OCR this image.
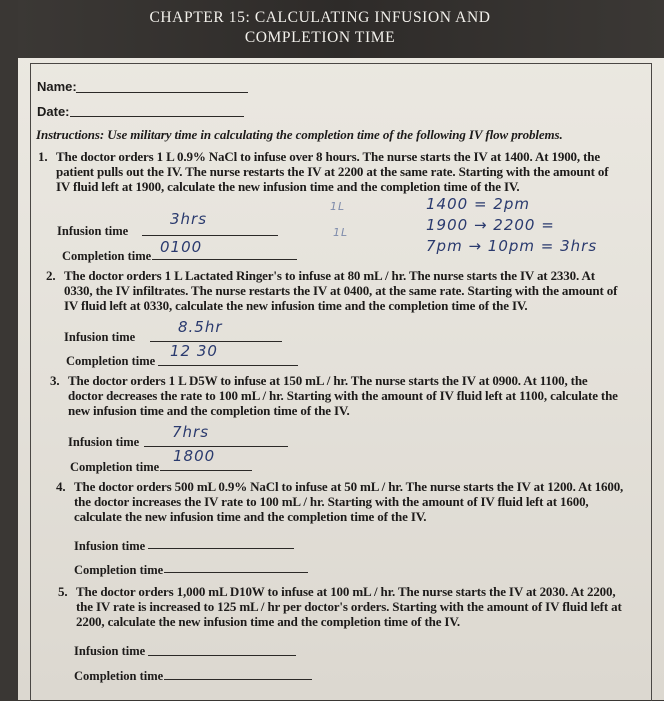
CHAPTER 15: CALCULATING INFUSION AND
COMPLETION TIME
Name:
Date:
Instructions: Use military time in calculating the completion time of the following IV flow problems.
1. The doctor orders 1 L 0.9% NaCl to infuse over 8 hours. The nurse starts the IV at 1400. At 1900, the
patient pulls out the IV. The nurse restarts the IV at 2200 at the same rate. Starting with the amount of
IV fluid left at 1900, calculate the new infusion time and the completion time of the IV.
Infusion time
3hrs
Completion time 0100
1L
1L
1400 = 2pm
1900 → 2200 =
7pm → 10pm = 3hrs
2. The doctor orders 1 L Lactated Ringer's to infuse at 80 mL / hr. The nurse starts the IV at 2330. At
0330, the IV infiltrates. The nurse restarts the IV at 0400, at the same rate. Starting with the amount of
IV fluid left at 0330, calculate the new infusion time and the completion time of the IV.
Infusion time
8.5hr
Completion time
12 30
3. The doctor orders 1 L D5W to infuse at 150 mL / hr. The nurse starts the IV at 0900. At 1100, the
doctor decreases the rate to 100 mL / hr. Starting with the amount of IV fluid left at 1100, calculate the
new infusion time and the completion time of the IV.
Infusion time
7hrs
Completion time
1800
4. The doctor orders 500 mL 0.9% NaCl to infuse at 50 mL / hr. The nurse starts the IV at 1200. At 1600,
the doctor increases the IV rate to 100 mL / hr. Starting with the amount of IV fluid left at 1600,
calculate the new infusion time and the completion time of the IV.
Infusion time
Completion time
5. The doctor orders 1,000 mL D10W to infuse at 100 mL / hr. The nurse starts the IV at 2030. At 2200,
the IV rate is increased to 125 mL / hr per doctor's orders. Starting with the amount of IV fluid left at
2200, calculate the new infusion time and the completion time of the IV.
Infusion time
Completion time
